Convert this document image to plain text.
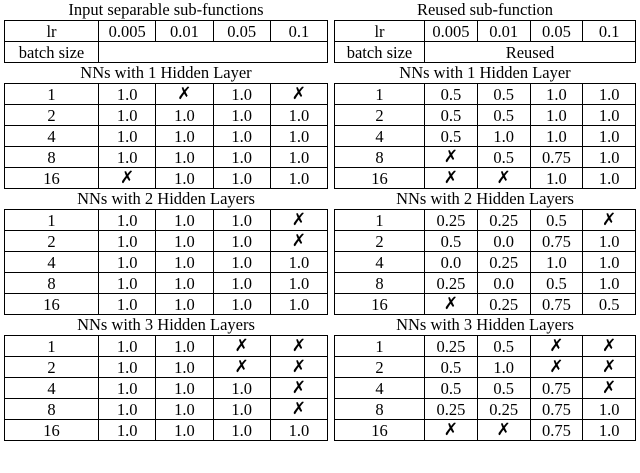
Input separable sub-functions
lr	0.005	0.01	0.05	0.1
batch size				
NNs with 1 Hidden Layer
1	1.0	✗	1.0	✗
2	1.0	1.0	1.0	1.0
4	1.0	1.0	1.0	1.0
8	1.0	1.0	1.0	1.0
16	✗	1.0	1.0	1.0
NNs with 2 Hidden Layers
1	1.0	1.0	1.0	✗
2	1.0	1.0	1.0	✗
4	1.0	1.0	1.0	1.0
8	1.0	1.0	1.0	1.0
16	1.0	1.0	1.0	1.0
NNs with 3 Hidden Layers
1	1.0	1.0	✗	✗
2	1.0	1.0	✗	✗
4	1.0	1.0	1.0	✗
8	1.0	1.0	1.0	✗
16	1.0	1.0	1.0	1.0
Reused sub-function
lr	0.005	0.01	0.05	0.1
batch size	Reused			
NNs with 1 Hidden Layer
1	0.5	0.5	1.0	1.0
2	0.5	0.5	1.0	1.0
4	0.5	1.0	1.0	1.0
8	✗	0.5	0.75	1.0
16	✗	✗	1.0	1.0
NNs with 2 Hidden Layers
1	0.25	0.25	0.5	✗
2	0.5	0.0	0.75	1.0
4	0.0	0.25	1.0	1.0
8	0.25	0.0	0.5	1.0
16	✗	0.25	0.75	0.5
NNs with 3 Hidden Layers
1	0.25	0.5	✗	✗
2	0.5	1.0	✗	✗
4	0.5	0.5	0.75	✗
8	0.25	0.25	0.75	1.0
16	✗	✗	0.75	1.0
